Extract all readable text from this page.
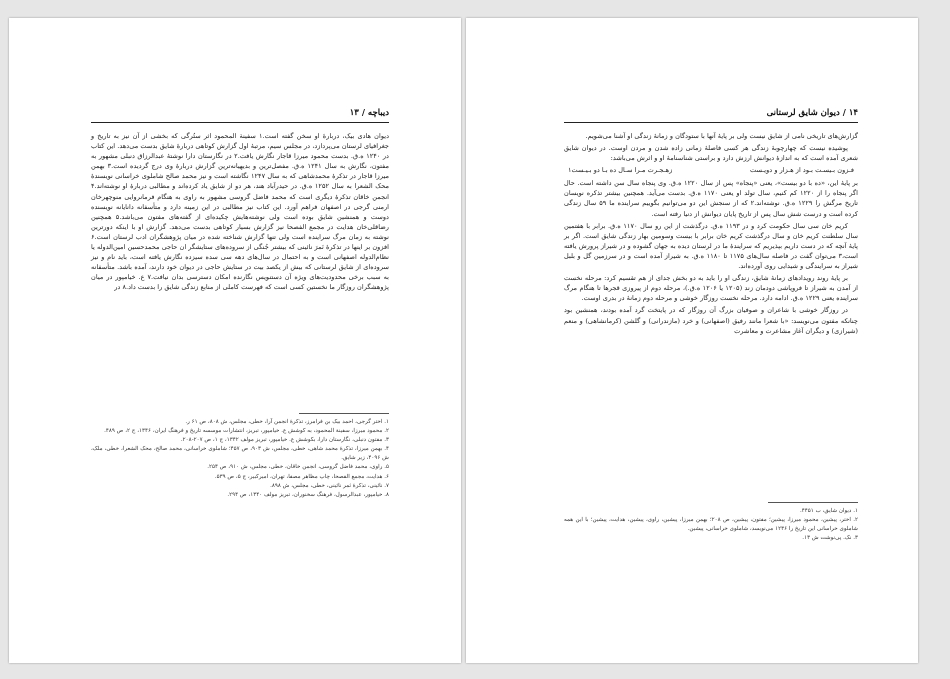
دیباچه / ۱۳

دیوان هادی بیک، دربارهٔ او سخن گفته است.۱ سفینة المحمود اثر ستُرگی که بخشی از آن نیز به تاریخ و جغرافیای لرستان می‌پردازد، در مجلس سیم، مرتبهٔ اول گزارش کوتاهی دربارهٔ شایق بدست می‌دهد. این کتاب در ۱۲۴۰ ه.ق. بدست محمود میرزا قاجار نگارش یافت.۲ در نگارستان دارا نوشتهٔ عبدالرزاق دنبلی مشهور به مفتون، نگارش به سال ۱۲۴۱ ه.ق. مفصل‌ترین و بدیهیانه‌ترین گزارش دربارهٔ وی درج گردیده است.۳ بهمن میرزا قاجار در تذکرهٔ محمدشاهی که به سال ۱۲۴۷ نگاشته است و نیز محمد صالح شاملوی خراسانی نویسندهٔ محک الشعرا به سال ۱۲۵۲ ه.ق. در حیدرآباد هند، هر دو از شایق یاد کرده‌اند و مطالبی دربارهٔ او نوشته‌اند.۴ انجمن خاقان تذکرهٔ دیگری است که محمد فاضل گروسی مشهور به راوی به هنگام فرمانروایی منوچهرخان ارمنی گرجی در اصفهان فراهم آورد. این کتاب نیز مطالبی در این زمینه دارد و متأسفانه دانایانه نویسنده دوست و همنشین شایق بوده است ولی نوشته‌هایش چکیده‌ای از گفته‌های مفتون می‌باشد.۵ همچنین رضاقلی‌خان هدایت در مجمع الفصحا نیز گزارش بسیار کوتاهی بدست می‌دهد. گزارش او با اینکه دورترین نوشته به زمان مرگ سراینده است ولی تنها گزارش شناخته شده در میان پژوهشگران ادب لرستان است.۶ افزون بر اینها در تذکرهٔ نَمرَ نائینی که بیشتر جُنگی از سروده‌های ستایشگر ان حاجی محمدحسین امین‌الدوله یا نظام‌الدوله اصفهانی است و به احتمال در سال‌های دهه سی سده سیزده نگارش یافته است، باید نام و نیز سروده‌ای از شایق لرستانی که بیش از یکصد بیت در ستایش حاجی در دیوان خود دارند، آمده باشد. متأسفانه به سبب برخی محدودیت‌های ویژه آن دستنویس نگارنده امکان دسترسی بدان نیافت.۷ ع. خیامپور در میان پژوهشگران روزگار ما نخستین کسی است که فهرست کاملی از منابع زندگی شایق را بدست داد.۸ در

۱. اختر گرجی، احمد بیک بن فرامرز، تذکرهٔ انجمن آرا، خطی، مجلس، ش ۸۰۸، ص ۶۱ ر.
۲. محمود میرزا، سفینة المحمود، به کوشش ع. خیامپور، تبریز، انتشارات موسسه تاریخ و فرهنگ ایران، ۱۳۴۶، ج ۲، ص ۴۸۹.
۳. مفتون دنبلی، نگارستان دارا، بکوشش ع. خیامپور، تبریز مولف ۱۳۴۲، ج ۱، ص ۲۰۷-۲۰۸.
۴. بهمن میرزا، تذکرهٔ محمد شاهی، خطی، مجلس، ش ۹۰۳، ص ۴۵۷؛ شاملوی خراسانی، محمد صالح، محک الشعرا، خطی، ملک، ش ۴۰۹۶، زیر شایق.
۵. راوی، محمد فاضل گروسی، انجمن خاقان، خطی، مجلس، ش ۹۱۰، ص ۲۵۴.
۶. هدایت، مجمع الفصحا، چاپ مظاهر مصفا، تهران، امیرکبیر، ج ۵، ص ۵۳۹.
۷. نائینی، تذکرهٔ ثمر نائینی، خطی، مجلس، ش ۸۹۸.
۸. خیامپور، عبدالرسول، فرهنگ سخنوران، تبریز مولف ۱۳۴۰، ص ۲۹۴.
۱۴ / دیوان شایق لرستانی

گزارش‌های تاریخی نامی از شایق نیست ولی بر پایهٔ آنها با ستودگان و زمانهٔ زندگی او آشنا می‌شویم.

پوشیده نیست که چهارچوبهٔ زندگی هر کسی فاصلهٔ زمانی زاده شدن و مردن اوست. در دیوان شایق شعری آمده است که به اندازهٔ دیوانش ارزش دارد و براستی شناسنامهٔ او و اثرش می‌باشد:

فـزون بـیسـت بـود از هـزار و دویـست
زهـجـرت مـرا سـال ده بـا دو بـیـست۱

بر پایهٔ این، «ده با دو بیست»، یعنی «پنجاه» پس از سال ۱۲۲۰ ه.ق. وی پنجاه سال سن داشته است. حال اگر پنجاه را از ۱۲۲۰ کم کنیم، سال تولد او یعنی ۱۱۷۰ ه.ق. بدست می‌آید. همچنین بیشتر تذکره نویسان تاریخ مرگش را ۱۲۲۹ ه.ق. نوشته‌اند.۲ که از سنجش این دو می‌توانیم بگوییم سراینده ما ۵۹ سال زندگی کرده است و درست شش سال پس از تاریخ پایان دیوانش از دنیا رفته است.

کریم خان سی سال حکومت کرد و در ۱۱۹۳ ه.ق. درگذشت از این رو سال ۱۱۷۰ ه.ق. برابر با هفتمین سال سلطنت کریم خان و سال درگذشت کریم خان برابر با بیست وسومین بهار زندگی شایق است. اگر بر پایهٔ آنچه که در دست داریم بپذیریم که سرایندهٔ ما در لرستان دیده به جهان گشوده و در شیراز پرورش یافته است،۳ می‌توان گفت در فاصله سال‌های ۱۱۷۵ تا ۱۱۸۰ ه.ق. به شیراز آمده است و در سرزمین گل و بلبل شیراز به سرایندگی و شیدایی روی آورده‌اند.

بر پایهٔ روند رویدادهای زمانهٔ شایق، زندگی او را باید به دو بخش جدای از هم تقسیم کرد: مرحله نخست از آمدن به شیراز تا فروپاشی دودمان زند (۱۲۰۵ یا ۱۲۰۶ ه.ق.)، مرحله دوم از پیروزی قجرها تا هنگام مرگ سراینده یعنی ۱۲۲۹ ه.ق. ادامه دارد. مرحله نخست روزگار خوشی و مرحله دوم زمانهٔ در بدری اوست.

در روزگار خوشی با شاعران و صوفیان بزرگ آن روزگار که در پایتخت گرد آمده بودند، همنشین بود چنانکه مفتون می‌نویسد: «با شعرا مانند رفیق (اصفهانی) و خرد (مازندرانی) و گلشن (کرمانشاهی) و منعم (شیرازی) و دیگران آغاز مشاعرت و معاشرت

۱. دیوان شایق، ب ۴۴۵۱.
۲. اختر، پیشین، محمود میرزا، پیشین؛ مفتون، پیشین، ص ۲۰۸؛ بهمن میرزا، پیشین، راوی، پیشین، هدایت، پیشین؛ با این همه شاملوی خراسانی این تاریخ را ۱۲۳۶ می‌نویسد، شاملوی خراسانی، پیشین.
۳. نک. پی‌نوشت ش ۱۳.
